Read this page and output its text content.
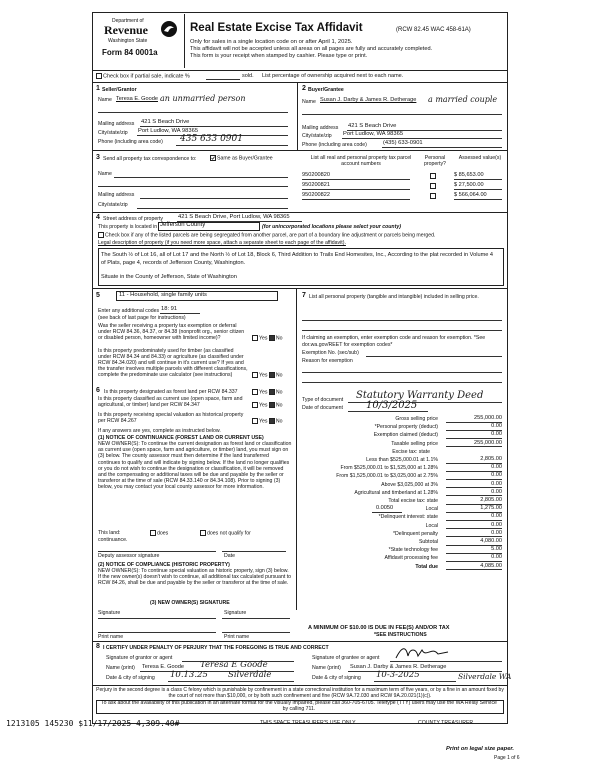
Department of
Revenue
Washington State
Form 84 0001a
Real Estate Excise Tax Affidavit	(RCW 82.45 WAC 458-61A)
Only for sales in a single location code on or after April 1, 2025.
This affidavit will not be accepted unless all areas on all pages are fully and accurately completed.
This form is your receipt when stamped by cashier. Please type or print.
Check box if partial sale, indicate %	sold. List percentage of ownership acquired next to each name.
1 Seller/Grantor
Name Teresa E. Goode an unmarried person
Mailing address 421 S Beach Drive
City/state/zip Port Ludlow, WA 98365
Phone (including area code) 435 633 0901
2 Buyer/Grantee
Name Susan J. Darby & James R. Detherage a married couple
Mailing address 421 S Beach Drive
City/state/zip Port Ludlow, WA 98365
Phone (including area code)	(435) 633-0901
3 Send all property tax correspondence to:	Same as Buyer/Grantee
Name
Mailing address
City/state/zip
List all real and personal property tax parcel account numbers
Personal property?
Assessed value(s)
950200820	$ 85,653.00
950200821	$ 27,500.00
950200822	$ 566,064.00
4 Street address of property	421 S Beach Drive, Port Ludlow, WA 98365
This property is located in Jefferson County	(for unincorporated locations please select your county)
Check box if any of the listed parcels are being segregated from another parcel, are part of a boundary line adjustment or parcels being merged.
Legal description of property (if you need more space, attach a separate sheet to each page of the affidavit).
The South ½ of Lot 16, all of Lot 17 and the North ½ of Lot 18, Block 6, Third Addition to Trails End Homesites, Inc., According to the plat recorded in Volume 4 of Plats, page 4, records of Jefferson County, Washington.
Situate in the County of Jefferson, State of Washington
5	11 - Household, single family units
Enter any additional codes 18: 91
(see back of last page for instructions)
Was the seller receiving a property tax exemption or deferral under RCW 84.36, 84.37, or 84.38 (nonprofit org., senior citizen or disabled person, homeowner with limited income)?	Yes No
Is this property predominately used for timber (as classified under RCW 84.34 and 84.33) or agriculture (as classified under RCW 84.34.020) and will continue in it's current use? If yes and the transfer involves multiple parcels with different classifications, complete the predominate use calculator (see instructions)	Yes No
7 List all personal property (tangible and intangible) included in selling price.
If claiming an exemption, enter exemption code and reason for exemption. *See dor.wa.gov/REET for exemption codes*
Exemption No. (sec/sub)
Reason for exemption
Type of document Statutory Warranty Deed
Date of document 10/3/2025
Gross selling price	255,000.00
*Personal property (deduct)	0.00
Exemption claimed (deduct)	0.00
Taxable selling price	255,000.00
Excise tax: state
Less than $525,000.01 at 1.1%	2,805.00
From $525,000.01 to $1,525,000 at 1.28%	0.00
From $1,525,000.01 to $3,025,000 at 2.75%	0.00
Above $3,025,000 at 3%	0.00
Agricultural and timberland at 1.28%	0.00
Total excise tax: state	2,805.00
0.0050	Local	1,275.00
*Delinquent interest: state	0.00
Local	0.00
*Delinquent penalty	0.00
Subtotal	4,080.00
*State technology fee	5.00
Affidavit processing fee	0.00
Total due	4,085.00
6 Is this property designated as forest land per RCW 84.337	Yes No
Is this property classified as current use (open space, farm and agricultural, or timber) land per RCW 84.347	Yes No
Is this property receiving special valuation as historical property per RCW 84.267	Yes No
If any answers are yes, complete as instructed below.
(1) NOTICE OF CONTINUANCE (FOREST LAND OR CURRENT USE)
NEW OWNER(S): To continue the current designation as forest land or classification as current use (open space, farm and agriculture, or timber) land, you must sign on (3) below. The county assessor must then determine if the land transferred continues to qualify and will indicate by signing below. If the land no longer qualifies or you do not wish to continue the designation or classification, it will be removed and the compensating or additional taxes will be due and payable by the seller or transferor at the time of sale (RCW 84.33.140 or 84.34.108). Prior to signing (3) below, you may contact your local county assessor for more information.
This land:	does	does not qualify for
continuance.
Deputy assessor signature	Date
(2) NOTICE OF COMPLIANCE (HISTORIC PROPERTY)
NEW OWNER(S): To continue special valuation as historic property, sign (3) below. If the new owner(s) doesn't wish to continue, all additional tax calculated pursuant to RCW 84.26, shall be due and payable by the seller or transferor at the time of sale.
(3) NEW OWNER(S) SIGNATURE
Signature	Signature
Print name	Print name
A MINIMUM OF $10.00 IS DUE IN FEE(S) AND/OR TAX
*SEE INSTRUCTIONS
8 I CERTIFY UNDER PENALTY OF PERJURY THAT THE FOREGOING IS TRUE AND CORRECT
Signature of grantor or agent	Signature of grantee or agent
Name (print) Teresa E. Goode Teresa E Goode	Name (print) Susan J. Darby & James R. Detherage
Date & city of signing 10.13.25 Silverdale	Date & city of signing 10-3-2025	Silverdale WA
Perjury in the second degree is a class C felony which is punishable by confinement in a state correctional institution for a maximum term of five years, or by a fine in an amount fixed by the court of not more than $10,000, or by both such confinement and fine (RCW 9A.72.030 and RCW 9A.20.021(1)(c)).
To ask about the availability of this publication in an alternate format for the visually impaired, please call 360-705-6705. Teletype (TTY) users may use the WA Relay Service by calling 711.
1213105 145230 $11/17/2025 4,309.40#	THIS SPACE TREASURER'S USE ONLY	COUNTY TREASURER
Print on legal size paper.
Page 1 of 6
